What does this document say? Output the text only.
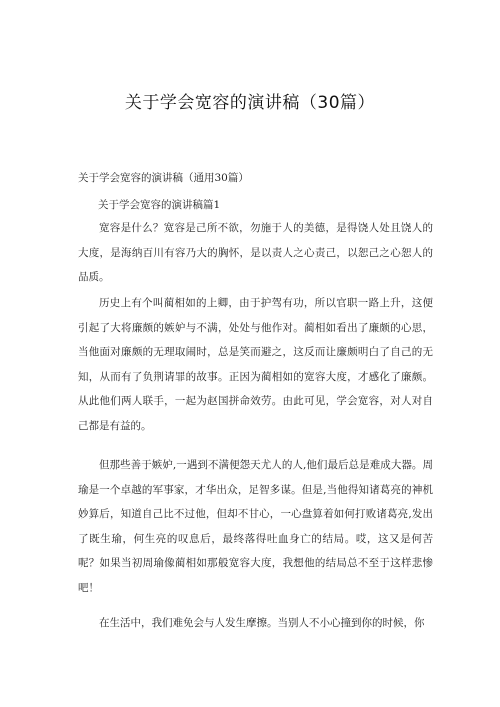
关于学会宽容的演讲稿（30篇）
关于学会宽容的演讲稿（通用30篇）
关于学会宽容的演讲稿篇1

宽容是什么？宽容是己所不欲，勿施于人的美德，是得饶人处且饶人的大度，是海纳百川有容乃大的胸怀，是以责人之心责己，以恕己之心恕人的品质。

历史上有个叫蔺相如的上卿，由于护驾有功，所以官职一路上升，这便引起了大将廉颇的嫉妒与不满，处处与他作对。蔺相如看出了廉颇的心思，当他面对廉颇的无理取闹时，总是笑而避之，这反而让廉颇明白了自己的无知，从而有了负荆请罪的故事。正因为蔺相如的宽容大度，才感化了廉颇。从此他们两人联手，一起为赵国拼命效劳。由此可见，学会宽容，对人对自己都是有益的。

但那些善于嫉妒,一遇到不满便怨天尤人的人,他们最后总是难成大器。周瑜是一个卓越的军事家，才华出众，足智多谋。但是,当他得知诸葛亮的神机妙算后，知道自己比不过他，但却不甘心，一心盘算着如何打败诸葛亮,发出了既生瑜，何生亮的叹息后，最终落得吐血身亡的结局。哎，这又是何苦呢？如果当初周瑜像蔺相如那般宽容大度，我想他的结局总不至于这样悲惨吧！

在生活中，我们难免会与人发生摩擦。当别人不小心撞到你的时候，你
